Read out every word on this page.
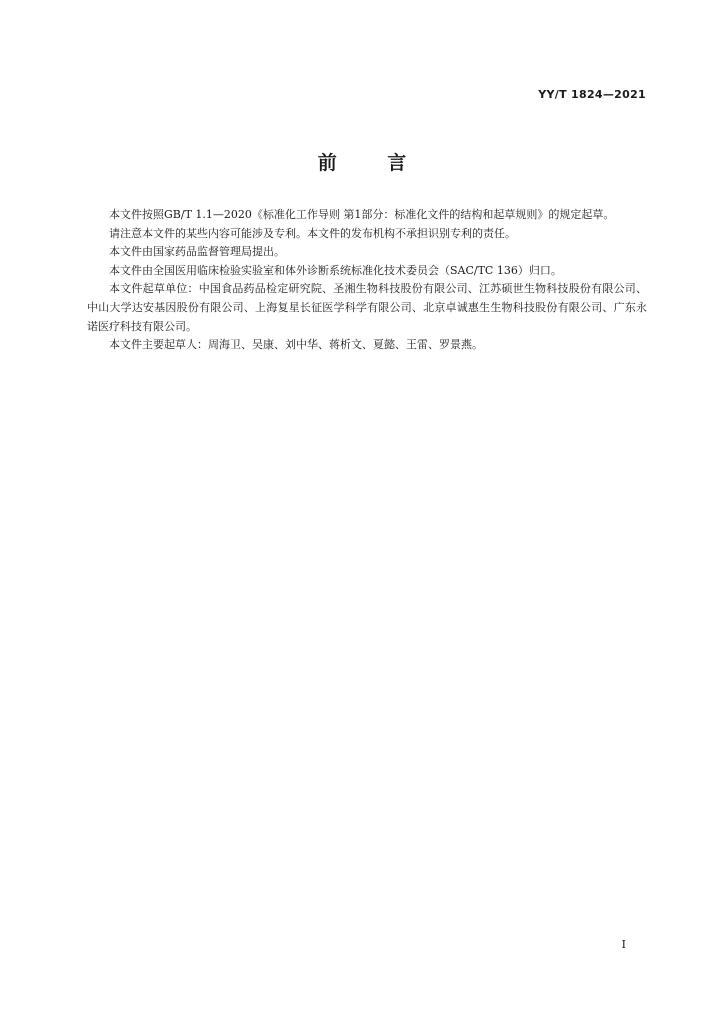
YY/T 1824—2021
前 言

本文件按照GB/T 1.1—2020《标准化工作导则 第1部分：标准化文件的结构和起草规则》的规定起草。

请注意本文件的某些内容可能涉及专利。本文件的发布机构不承担识别专利的责任。

本文件由国家药品监督管理局提出。

本文件由全国医用临床检验实验室和体外诊断系统标准化技术委员会（SAC/TC 136）归口。

本文件起草单位：中国食品药品检定研究院、圣湘生物科技股份有限公司、江苏硕世生物科技股份有限公司、中山大学达安基因股份有限公司、上海复星长征医学科学有限公司、北京卓诚惠生生物科技股份有限公司、广东永诺医疗科技有限公司。

本文件主要起草人：周海卫、吴康、刘中华、蒋析文、夏懿、王雷、罗景燕。

I
